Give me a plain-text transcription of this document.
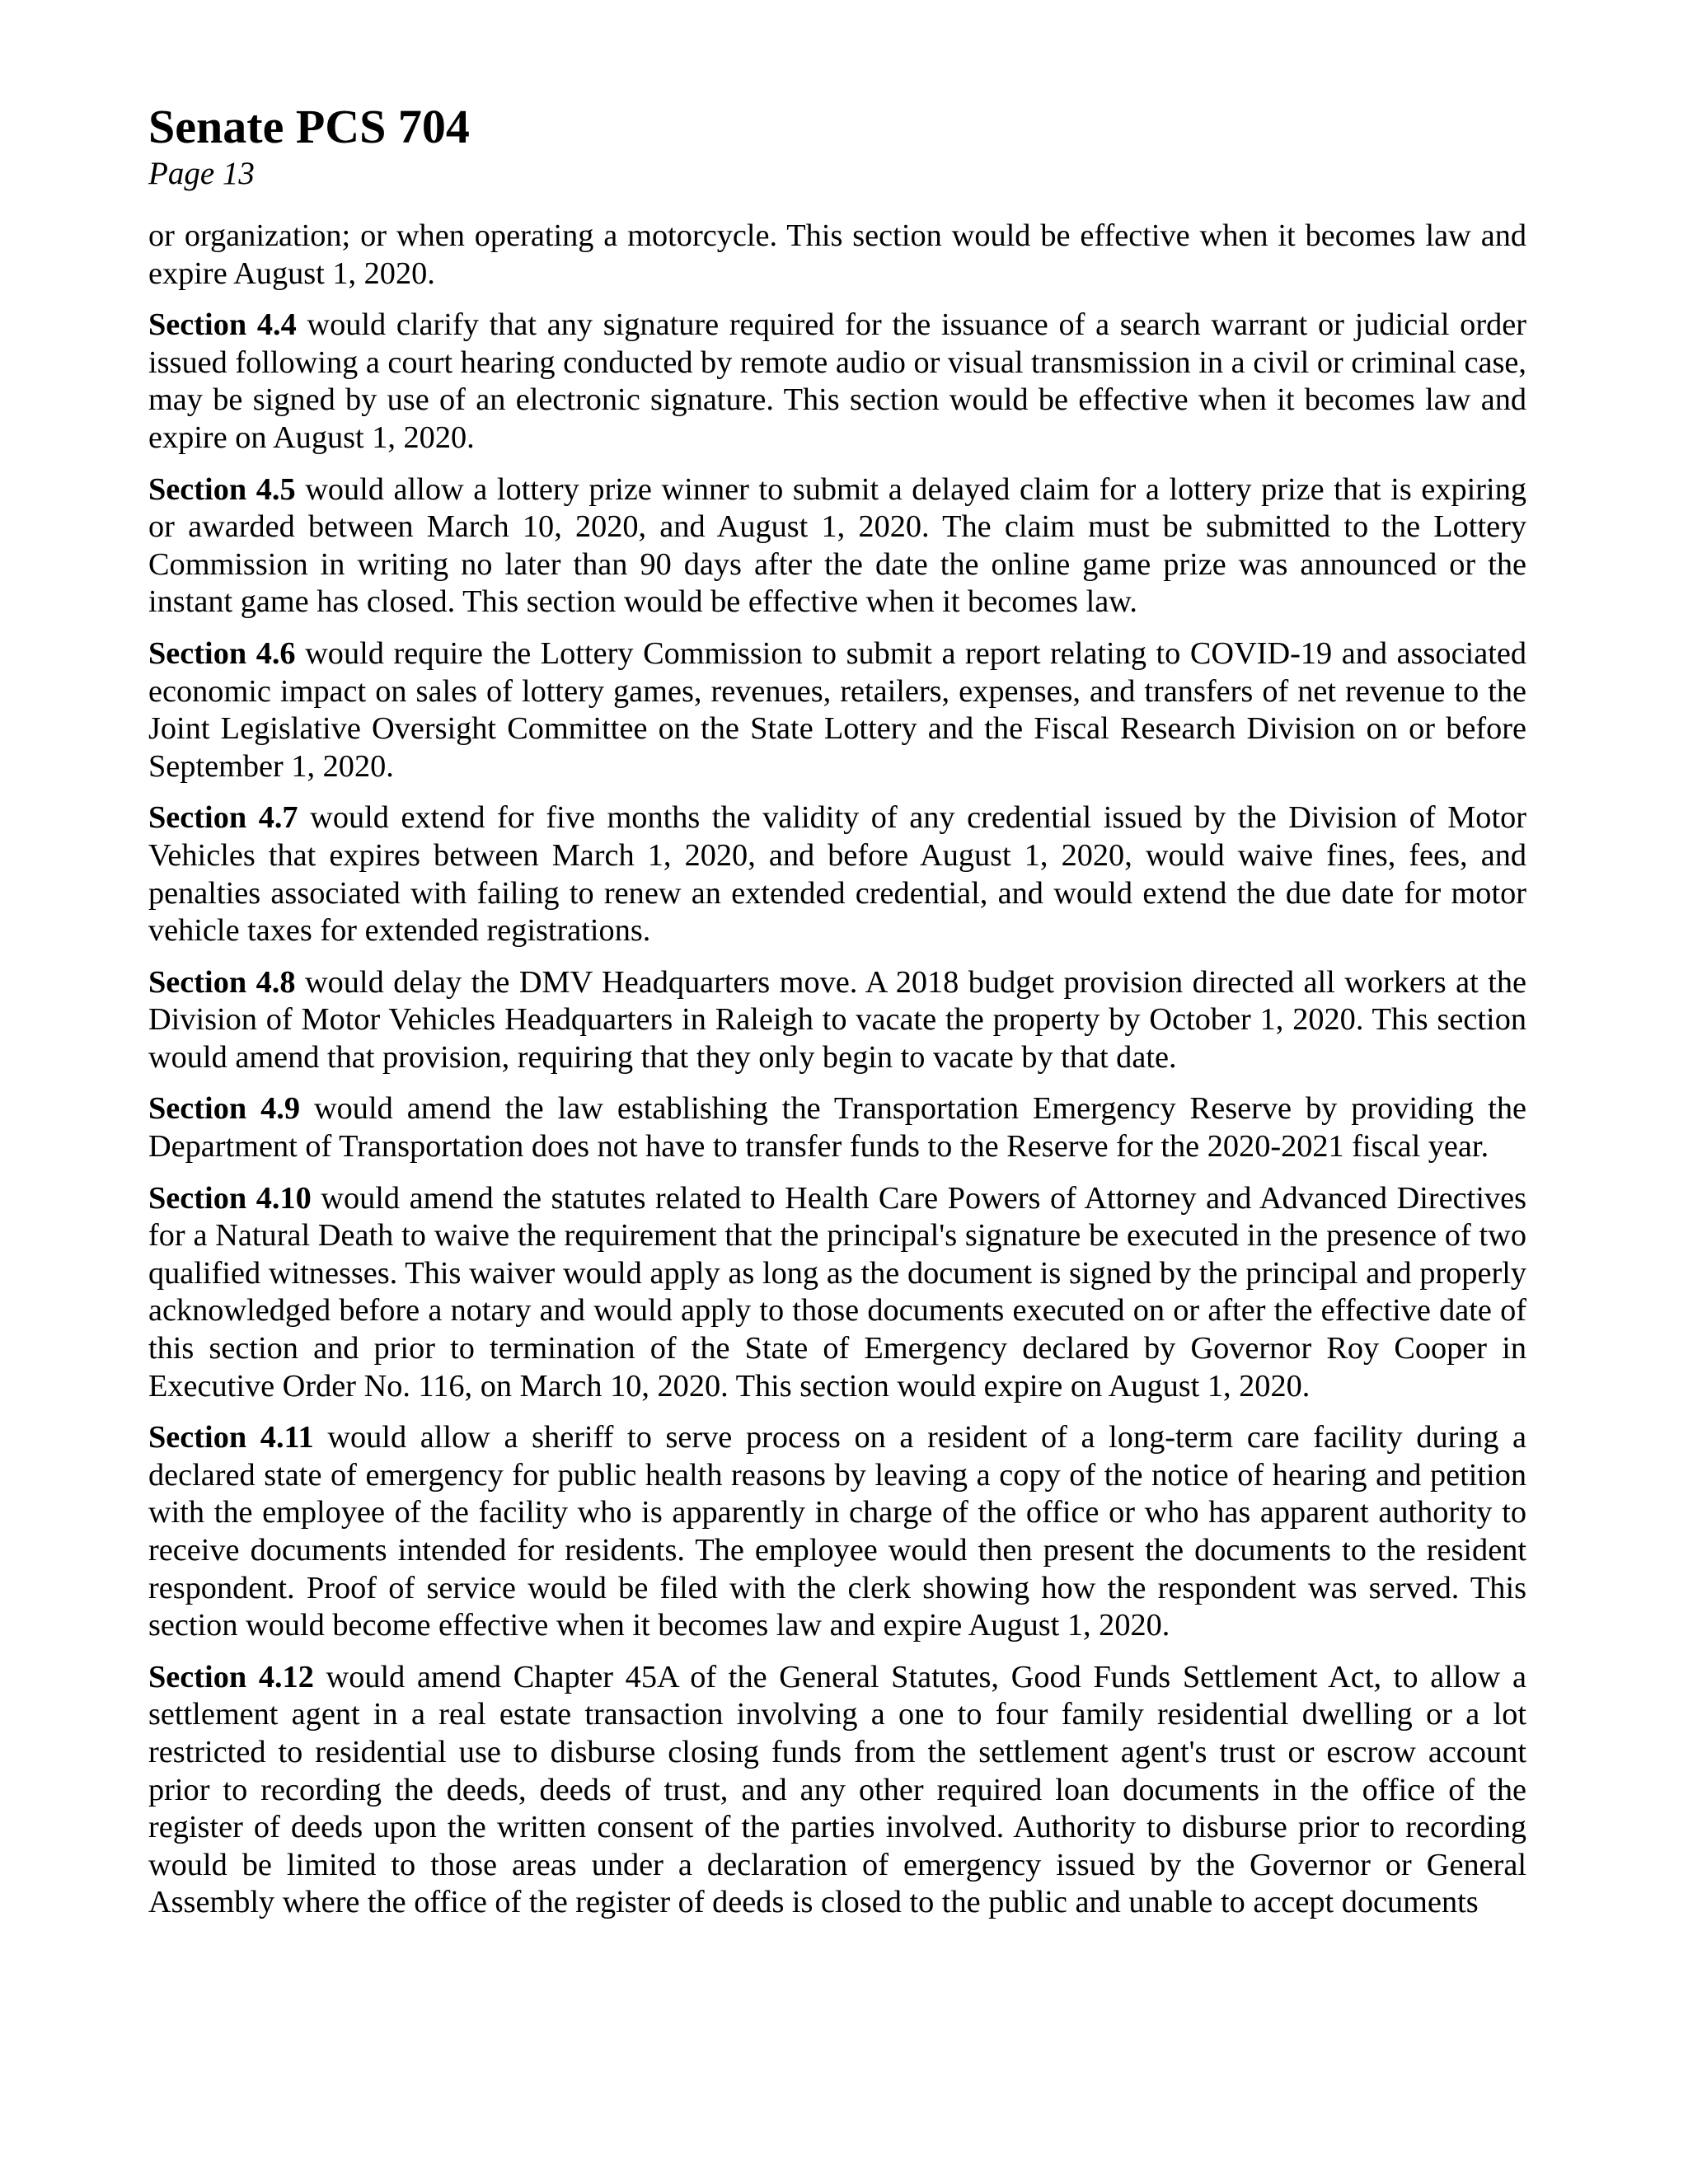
Senate PCS 704
Page 13

or organization; or when operating a motorcycle. This section would be effective when it becomes law and expire August 1, 2020.

Section 4.4 would clarify that any signature required for the issuance of a search warrant or judicial order issued following a court hearing conducted by remote audio or visual transmission in a civil or criminal case, may be signed by use of an electronic signature. This section would be effective when it becomes law and expire on August 1, 2020.

Section 4.5 would allow a lottery prize winner to submit a delayed claim for a lottery prize that is expiring or awarded between March 10, 2020, and August 1, 2020. The claim must be submitted to the Lottery Commission in writing no later than 90 days after the date the online game prize was announced or the instant game has closed. This section would be effective when it becomes law.

Section 4.6 would require the Lottery Commission to submit a report relating to COVID-19 and associated economic impact on sales of lottery games, revenues, retailers, expenses, and transfers of net revenue to the Joint Legislative Oversight Committee on the State Lottery and the Fiscal Research Division on or before September 1, 2020.

Section 4.7 would extend for five months the validity of any credential issued by the Division of Motor Vehicles that expires between March 1, 2020, and before August 1, 2020, would waive fines, fees, and penalties associated with failing to renew an extended credential, and would extend the due date for motor vehicle taxes for extended registrations.

Section 4.8 would delay the DMV Headquarters move. A 2018 budget provision directed all workers at the Division of Motor Vehicles Headquarters in Raleigh to vacate the property by October 1, 2020. This section would amend that provision, requiring that they only begin to vacate by that date.

Section 4.9 would amend the law establishing the Transportation Emergency Reserve by providing the Department of Transportation does not have to transfer funds to the Reserve for the 2020-2021 fiscal year.

Section 4.10 would amend the statutes related to Health Care Powers of Attorney and Advanced Directives for a Natural Death to waive the requirement that the principal's signature be executed in the presence of two qualified witnesses. This waiver would apply as long as the document is signed by the principal and properly acknowledged before a notary and would apply to those documents executed on or after the effective date of this section and prior to termination of the State of Emergency declared by Governor Roy Cooper in Executive Order No. 116, on March 10, 2020. This section would expire on August 1, 2020.

Section 4.11 would allow a sheriff to serve process on a resident of a long-term care facility during a declared state of emergency for public health reasons by leaving a copy of the notice of hearing and petition with the employee of the facility who is apparently in charge of the office or who has apparent authority to receive documents intended for residents. The employee would then present the documents to the resident respondent. Proof of service would be filed with the clerk showing how the respondent was served. This section would become effective when it becomes law and expire August 1, 2020.

Section 4.12 would amend Chapter 45A of the General Statutes, Good Funds Settlement Act, to allow a settlement agent in a real estate transaction involving a one to four family residential dwelling or a lot restricted to residential use to disburse closing funds from the settlement agent's trust or escrow account prior to recording the deeds, deeds of trust, and any other required loan documents in the office of the register of deeds upon the written consent of the parties involved. Authority to disburse prior to recording would be limited to those areas under a declaration of emergency issued by the Governor or General Assembly where the office of the register of deeds is closed to the public and unable to accept documents
